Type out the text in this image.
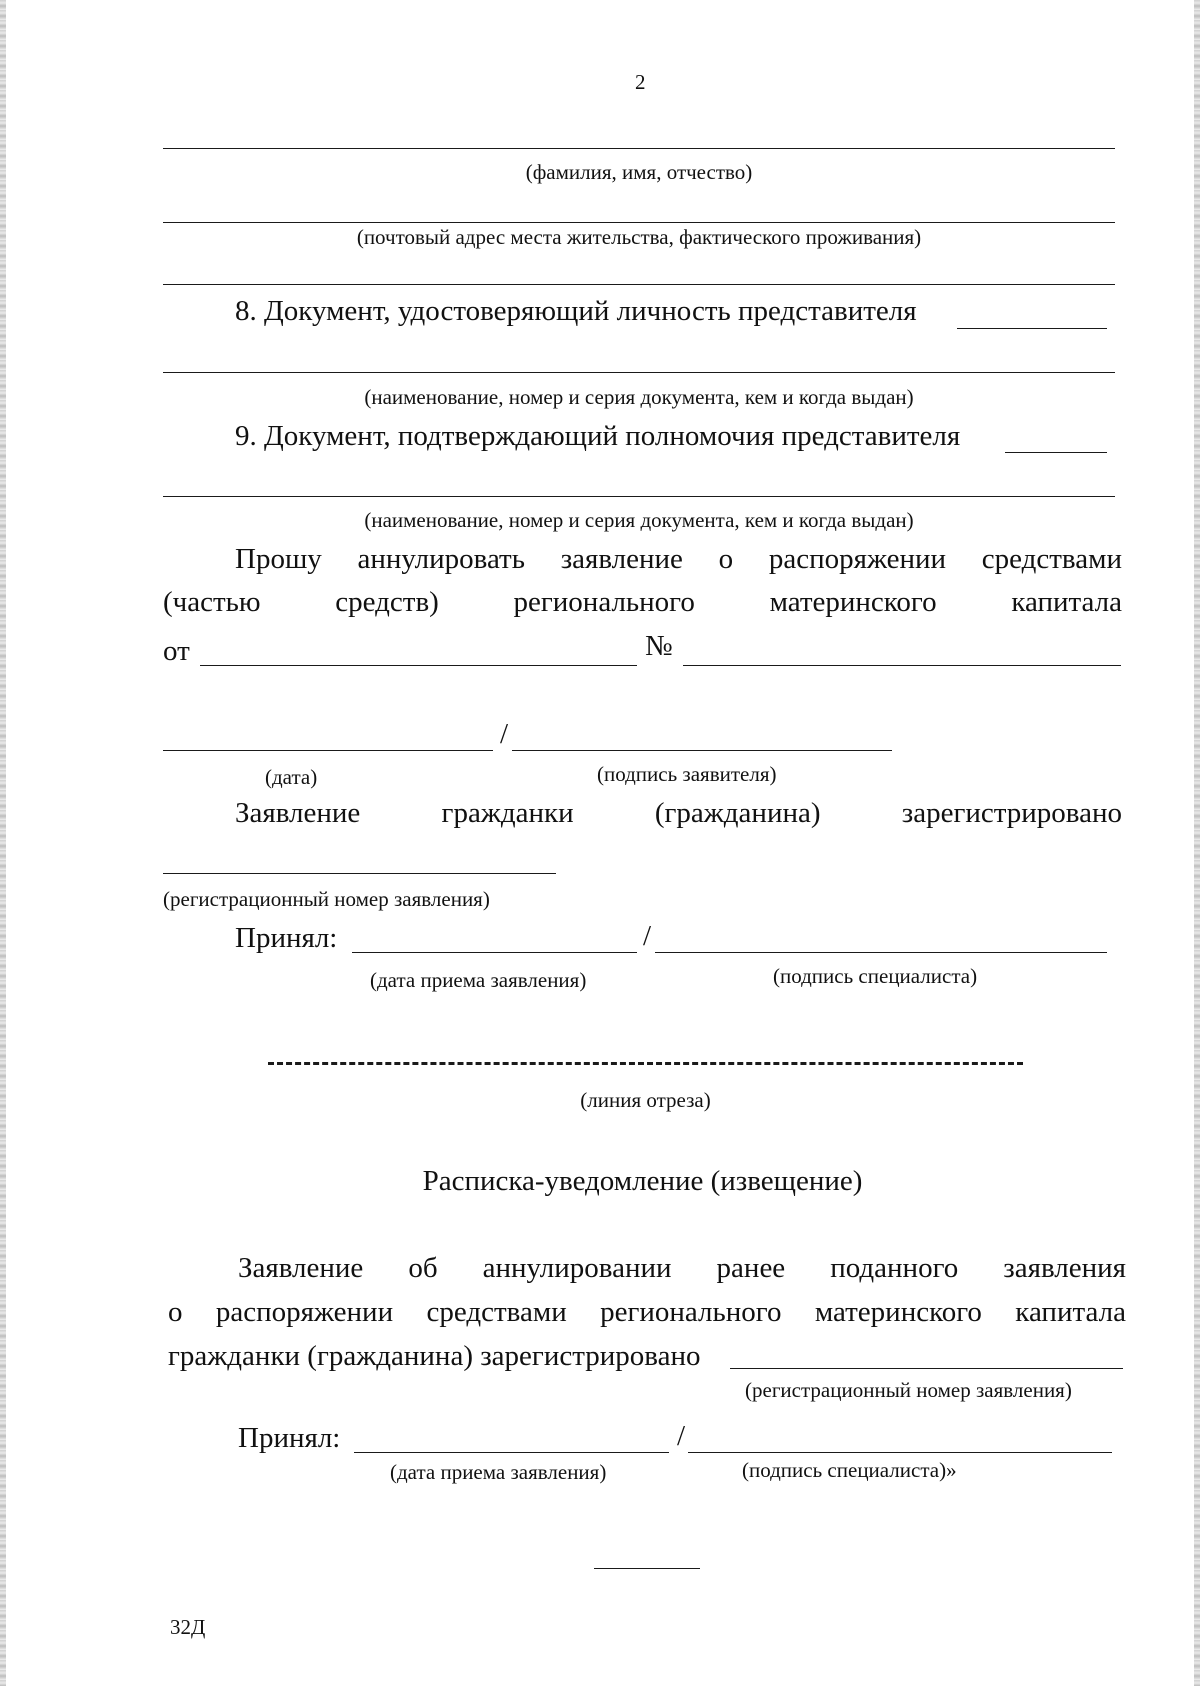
2
(фамилия, имя, отчество)
(почтовый адрес места жительства, фактического проживания)
8. Документ, удостоверяющий личность представителя
(наименование, номер и серия документа, кем и когда выдан)
9. Документ, подтверждающий полномочия представителя
(наименование, номер и серия документа, кем и когда выдан)
Прошу аннулировать заявление о распоряжении средствами
(частью	средств)	регионального	материнского	капитала
от	№
/
(дата)	(подпись заявителя)
Заявление	гражданки	(гражданина)	зарегистрировано
(регистрационный номер заявления)
Принял:	/
(дата приема заявления)	(подпись специалиста)
(линия отреза)
Расписка-уведомление (извещение)
Заявление об аннулировании ранее поданного заявления
о распоряжении средствами регионального материнского капитала
гражданки (гражданина) зарегистрировано
(регистрационный номер заявления)
Принял:	/
(дата приема заявления)	(подпись специалиста)»
32Д
